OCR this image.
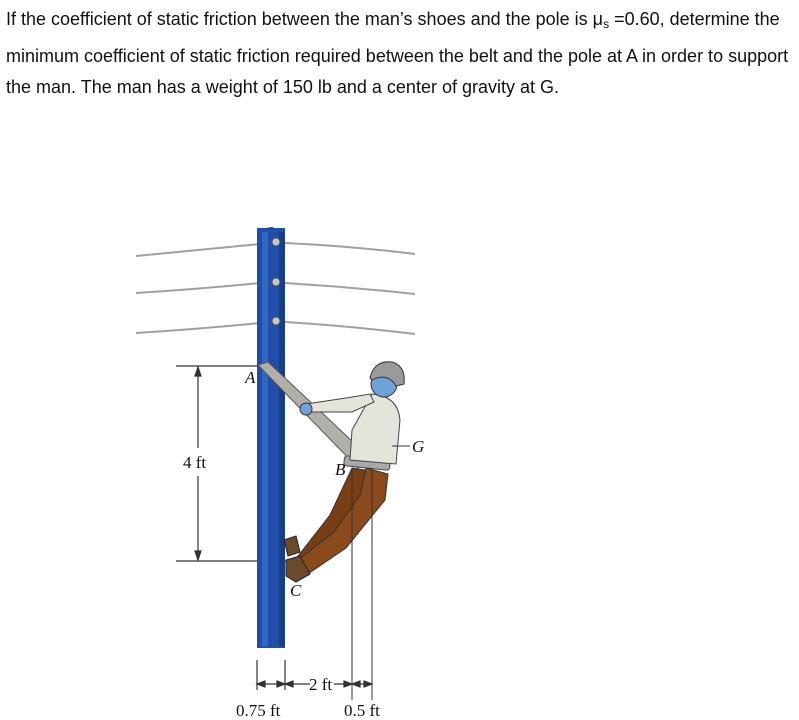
If the coefficient of static friction between the man’s shoes and the pole is $\mu_s =0.60$, determine the minimum coefficient of static friction required between the belt and the pole at A in order to support the man. The man has a weight of 150 lb and a center of gravity at G.
A
B
C
G
4 ft
0.75 ft
2 ft
0.5 ft
